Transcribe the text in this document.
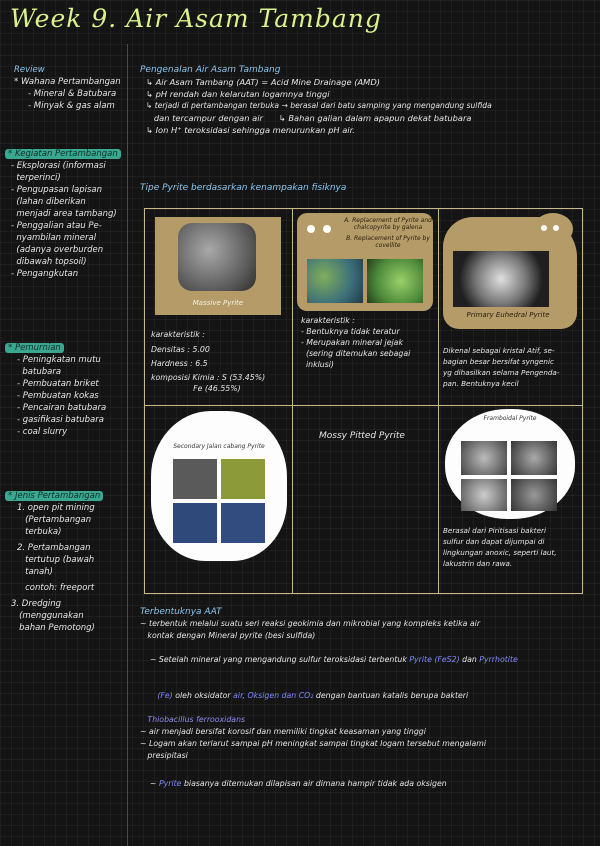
Week 9. Air Asam Tambang
Review
* Wahana Pertambangan
- Mineral & Batubara
- Minyak & gas alam
* Kegiatan Pertambangan
- Eksplorasi (informasi
terperinci)
- Pengupasan lapisan
(lahan diberikan
menjadi area tambang)
- Penggalian atau Pe-
nyambilan mineral
(adanya overburden
dibawah topsoil)
- Pengangkutan
* Pemurnian
- Peningkatan mutu
batubara
- Pembuatan briket
- Pembuatan kokas
- Pencairan batubara
- gasifikasi batubara
- coal slurry
* Jenis Pertambangan
1. open pit mining
(Pertambangan
terbuka)
2. Pertambangan
tertutup (bawah
tanah)
contoh: freeport
3. Dredging
(menggunakan
bahan Pemotong)
Pengenalan Air Asam Tambang
↳ Air Asam Tambang (AAT) = Acid Mine Drainage (AMD)
↳ pH rendah dan kelarutan logamnya tinggi
↳ terjadi di pertambangan terbuka → berasal dari batu samping yang mengandung sulfida
dan tercampur dengan air      ↳ Bahan galian dalam apapun dekat batubara
↳ Ion H⁺ teroksidasi sehingga menurunkan pH air.
Tipe Pyrite berdasarkan kenampakan fisiknya
Massive Pyrite
karakteristik :
Densitas : 5.00
Hardness : 6.5
komposisi Kimia : S (53.45%)
Fe (46.55%)
A. Replacement of Pyrite and chalcopyrite by galena
B. Replacement of Pyrite by covellite
karakteristik :
- Bentuknya tidak teratur
- Merupakan mineral jejak
(sering ditemukan sebagai
inklusi)
Primary Euhedral Pyrite
Dikenal sebagai kristal Atif, se-
bagian besar bersifat syngenic
yg dihasilkan selama Pengenda-
pan. Bentuknya kecil
Secondary Jalan cabang Pyrite
Mossy Pitted Pyrite
Framboidal Pyrite
Berasal dari Piritisasi bakteri
sulfur dan dapat dijumpai di
lingkungan anoxic, seperti laut,
lakustrin dan rawa.
Terbentuknya AAT
~ terbentuk melalui suatu seri reaksi geokimia dan mikrobial yang kompleks ketika air
kontak dengan Mineral pyrite (besi sulfida)

~ Setelah mineral yang mengandung sulfur teroksidasi terbentuk Pyrite (FeS2) dan Pyrrhotite

(Fe) oleh oksidator air, Oksigen dan CO₂ dengan bantuan katalis berupa bakteri

Thiobacillus ferrooxidans
~ air menjadi bersifat korosif dan memiliki tingkat keasaman yang tinggi
~ Logam akan terlarut sampai pH meningkat sampai tingkat logam tersebut mengalami
presipitasi

~ Pyrite biasanya ditemukan dilapisan air dimana hampir tidak ada oksigen
